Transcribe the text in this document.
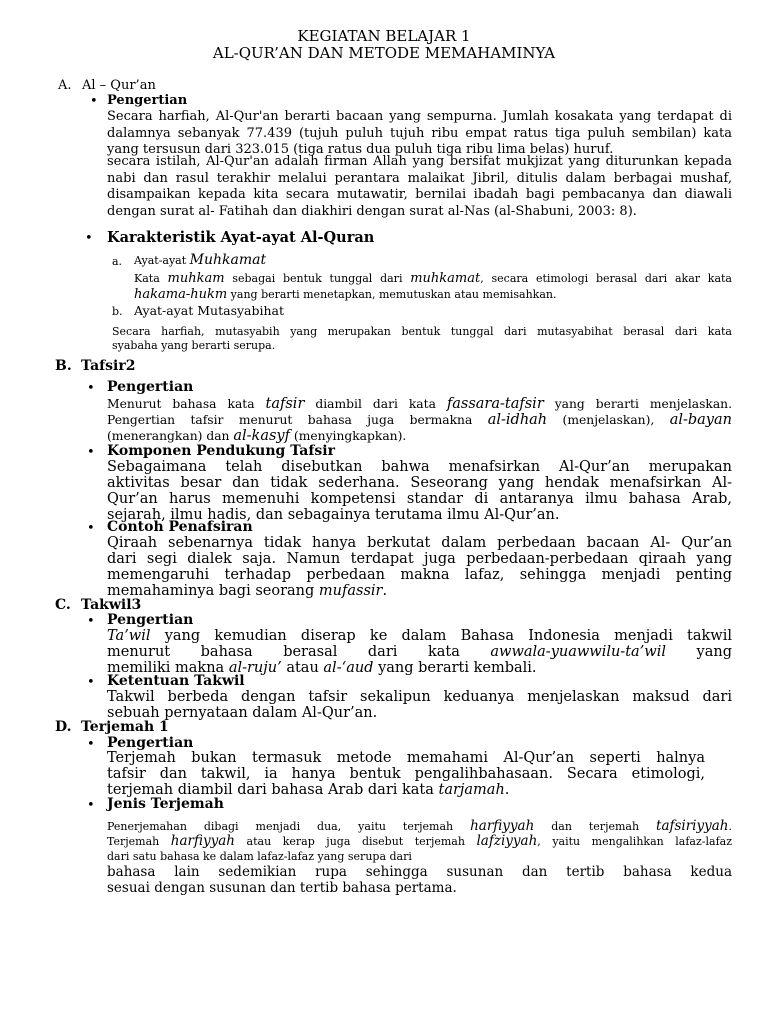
KEGIATAN BELAJAR 1
AL-QUR’AN DAN METODE MEMAHAMINYA
A. Al – Qur’an
• Pengertian
Secara harfiah, Al-Qur'an berarti bacaan yang sempurna. Jumlah kosakata yang terdapat di
dalamnya sebanyak 77.439 (tujuh puluh tujuh ribu empat ratus tiga puluh sembilan) kata
yang tersusun dari 323.015 (tiga ratus dua puluh tiga ribu lima belas) huruf.
secara istilah, Al-Qur'an adalah firman Allah yang bersifat mukjizat yang diturunkan kepada
nabi dan rasul terakhir melalui perantara malaikat Jibril, ditulis dalam berbagai mushaf,
disampaikan kepada kita secara mutawatir, bernilai ibadah bagi pembacanya dan diawali
dengan surat al- Fatihah dan diakhiri dengan surat al-Nas (al-Shabuni, 2003: 8).
• Karakteristik Ayat-ayat Al-Quran
a. Ayat-ayat Muhkamat
Kata muhkam sebagai bentuk tunggal dari muhkamat, secara etimologi berasal dari akar kata
hakama-hukm yang berarti menetapkan, memutuskan atau memisahkan.
b. Ayat-ayat Mutasyabihat
Secara harfiah, mutasyabih yang merupakan bentuk tunggal dari mutasyabihat berasal dari kata
syabaha yang berarti serupa.
B. Tafsir2
• Pengertian
Menurut bahasa kata tafsir diambil dari kata fassara-tafsir yang berarti menjelaskan.
Pengertian tafsir menurut bahasa juga bermakna al-idhah (menjelaskan), al-bayan
(menerangkan) dan al-kasyf (menyingkapkan).
• Komponen Pendukung Tafsir
Sebagaimana telah disebutkan bahwa menafsirkan Al-Qur’an merupakan
aktivitas besar dan tidak sederhana. Seseorang yang hendak menafsirkan Al-
Qur’an harus memenuhi kompetensi standar di antaranya ilmu bahasa Arab,
sejarah, ilmu hadis, dan sebagainya terutama ilmu Al-Qur’an.
• Contoh Penafsiran
Qiraah sebenarnya tidak hanya berkutat dalam perbedaan bacaan Al- Qur’an
dari segi dialek saja. Namun terdapat juga perbedaan-perbedaan qiraah yang
memengaruhi terhadap perbedaan makna lafaz, sehingga menjadi penting
memahaminya bagi seorang mufassir.
C. Takwil3
• Pengertian
Ta’wil yang kemudian diserap ke dalam Bahasa Indonesia menjadi takwil
menurut bahasa berasal dari kata awwala-yuawwilu-ta’wil yang
memiliki makna al-ruju’ atau al-‘aud yang berarti kembali.
• Ketentuan Takwil
Takwil berbeda dengan tafsir sekalipun keduanya menjelaskan maksud dari
sebuah pernyataan dalam Al-Qur’an.
D. Terjemah 1
• Pengertian
Terjemah bukan termasuk metode memahami Al-Qur’an seperti halnya
tafsir dan takwil, ia hanya bentuk pengalihbahasaan. Secara etimologi,
terjemah diambil dari bahasa Arab dari kata tarjamah.
• Jenis Terjemah
Penerjemahan dibagi menjadi dua, yaitu terjemah harfiyyah dan terjemah tafsiriyyah.
Terjemah harfiyyah atau kerap juga disebut terjemah lafziyyah, yaitu mengalihkan lafaz-lafaz
dari satu bahasa ke dalam lafaz-lafaz yang serupa dari
bahasa lain sedemikian rupa sehingga susunan dan tertib bahasa kedua
sesuai dengan susunan dan tertib bahasa pertama.
